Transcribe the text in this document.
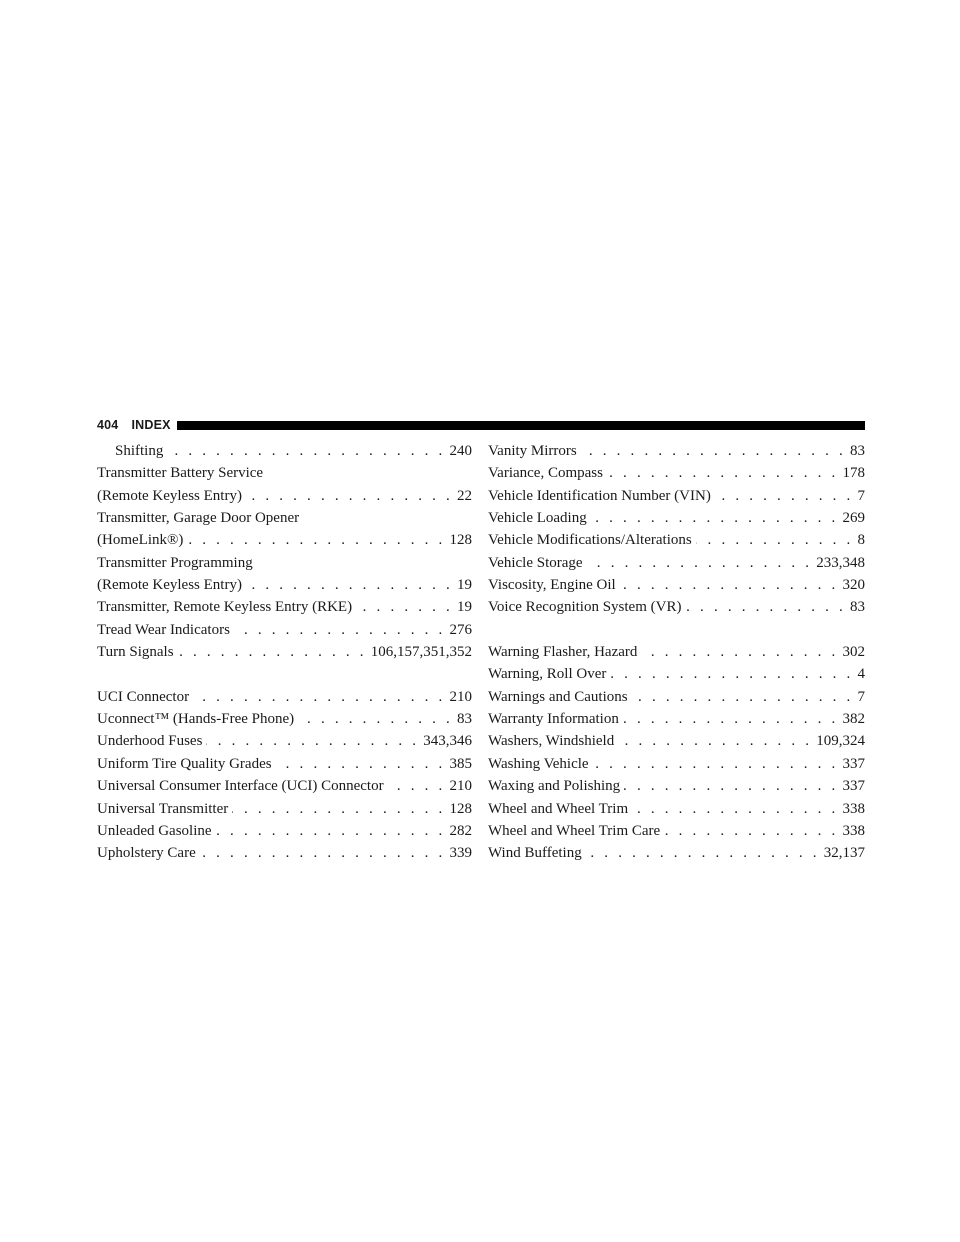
404	INDEX
Shifting . . .	240
Transmitter Battery Service
(Remote Keyless Entry) . . .	22
Transmitter, Garage Door Opener
(HomeLink®) . . .	128
Transmitter Programming
(Remote Keyless Entry) . . .	19
Transmitter, Remote Keyless Entry (RKE) . . .	19
Tread Wear Indicators . . .	276
Turn Signals . . .	106,157,351,352
UCI Connector . . .	210
Uconnect™ (Hands-Free Phone) . . .	83
Underhood Fuses . . .	343,346
Uniform Tire Quality Grades . . .	385
Universal Consumer Interface (UCI) Connector . . .	210
Universal Transmitter . . .	128
Unleaded Gasoline . . .	282
Upholstery Care . . .	339
Vanity Mirrors . . .	83
Variance, Compass . . .	178
Vehicle Identification Number (VIN) . . .	7
Vehicle Loading . . .	269
Vehicle Modifications/Alterations . . .	8
Vehicle Storage . . .	233,348
Viscosity, Engine Oil . . .	320
Voice Recognition System (VR) . . .	83
Warning Flasher, Hazard . . .	302
Warning, Roll Over . . .	4
Warnings and Cautions . . .	7
Warranty Information . . .	382
Washers, Windshield . . .	109,324
Washing Vehicle . . .	337
Waxing and Polishing . . .	337
Wheel and Wheel Trim . . .	338
Wheel and Wheel Trim Care . . .	338
Wind Buffeting . . .	32,137
